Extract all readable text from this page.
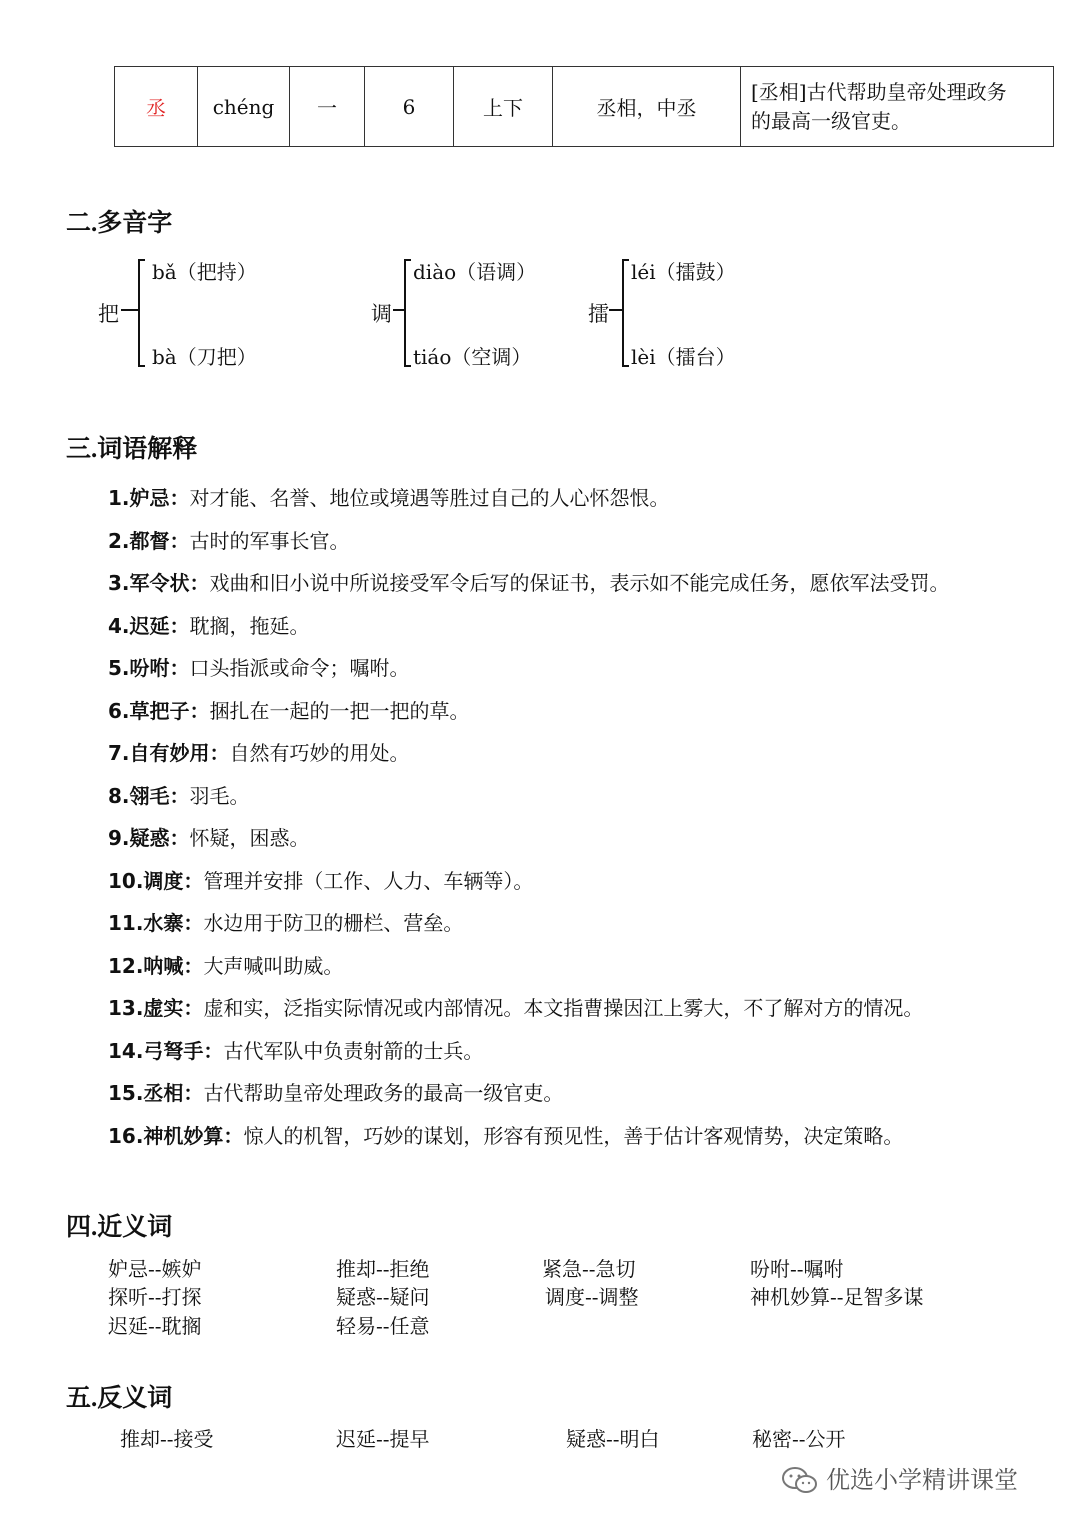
丞	chéng	一	6	上下	丞相，中丞	
[丞相]古代帮助皇帝处理政务
的最高一级官吏。
二.多音字
把
bǎ（把持）
bà（刀把）
调
diào（语调）
tiáo（空调）
擂
léi（擂鼓）
lèi（擂台）
三.词语解释
1.妒忌：对才能、名誉、地位或境遇等胜过自己的人心怀怨恨。
2.都督：古时的军事长官。
3.军令状：戏曲和旧小说中所说接受军令后写的保证书，表示如不能完成任务，愿依军法受罚。
4.迟延：耽搁，拖延。
5.吩咐：口头指派或命令；嘱咐。
6.草把子：捆扎在一起的一把一把的草。
7.自有妙用：自然有巧妙的用处。
8.翎毛：羽毛。
9.疑惑：怀疑，困惑。
10.调度：管理并安排（工作、人力、车辆等）。
11.水寨：水边用于防卫的栅栏、营垒。
12.呐喊：大声喊叫助威。
13.虚实：虚和实，泛指实际情况或内部情况。本文指曹操因江上雾大，不了解对方的情况。
14.弓弩手：古代军队中负责射箭的士兵。
15.丞相：古代帮助皇帝处理政务的最高一级官吏。
16.神机妙算：惊人的机智，巧妙的谋划，形容有预见性，善于估计客观情势，决定策略。
四.近义词
妒忌--嫉妒	推却--拒绝	紧急--急切	吩咐--嘱咐
探听--打探	疑惑--疑问	调度--调整	神机妙算--足智多谋
迟延--耽搁	轻易--任意
五.反义词
推却--接受	迟延--提早	疑惑--明白	秘密--公开
优选小学精讲课堂
